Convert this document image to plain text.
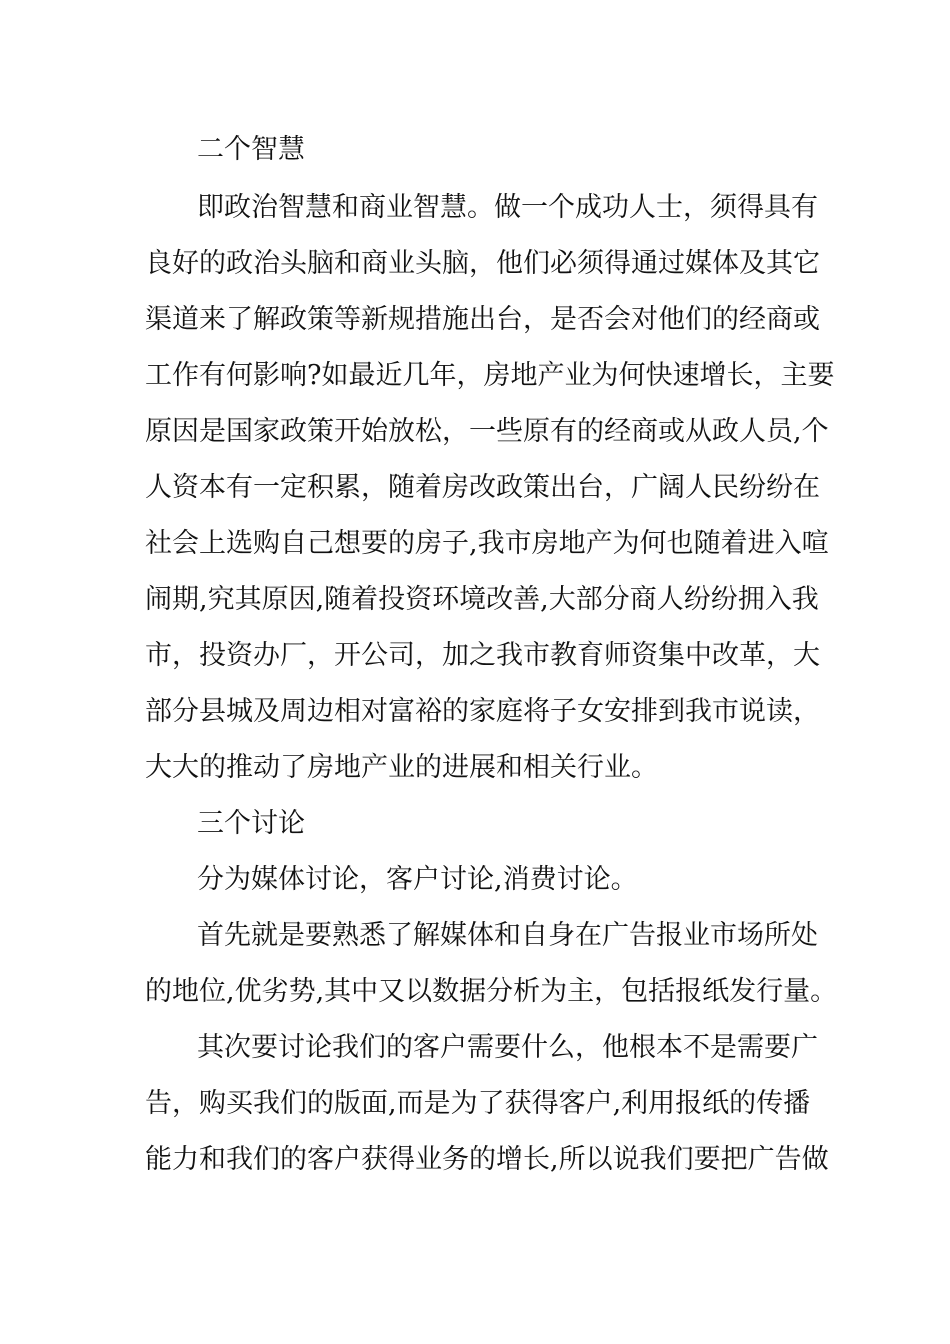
二个智慧
即政治智慧和商业智慧。做一个成功人士，须得具有
良好的政治头脑和商业头脑，他们必须得通过媒体及其它
渠道来了解政策等新规措施出台，是否会对他们的经商或
工作有何影响?如最近几年，房地产业为何快速增长，主要
原因是国家政策开始放松，一些原有的经商或从政人员,个
人资本有一定积累，随着房改政策出台，广阔人民纷纷在
社会上选购自己想要的房子,我市房地产为何也随着进入喧
闹期,究其原因,随着投资环境改善,大部分商人纷纷拥入我
市，投资办厂，开公司，加之我市教育师资集中改革，大
部分县城及周边相对富裕的家庭将子女安排到我市说读，
大大的推动了房地产业的进展和相关行业。
三个讨论
分为媒体讨论，客户讨论,消费讨论。
首先就是要熟悉了解媒体和自身在广告报业市场所处
的地位,优劣势,其中又以数据分析为主，包括报纸发行量。
其次要讨论我们的客户需要什么，他根本不是需要广
告，购买我们的版面,而是为了获得客户,利用报纸的传播
能力和我们的客户获得业务的增长,所以说我们要把广告做
